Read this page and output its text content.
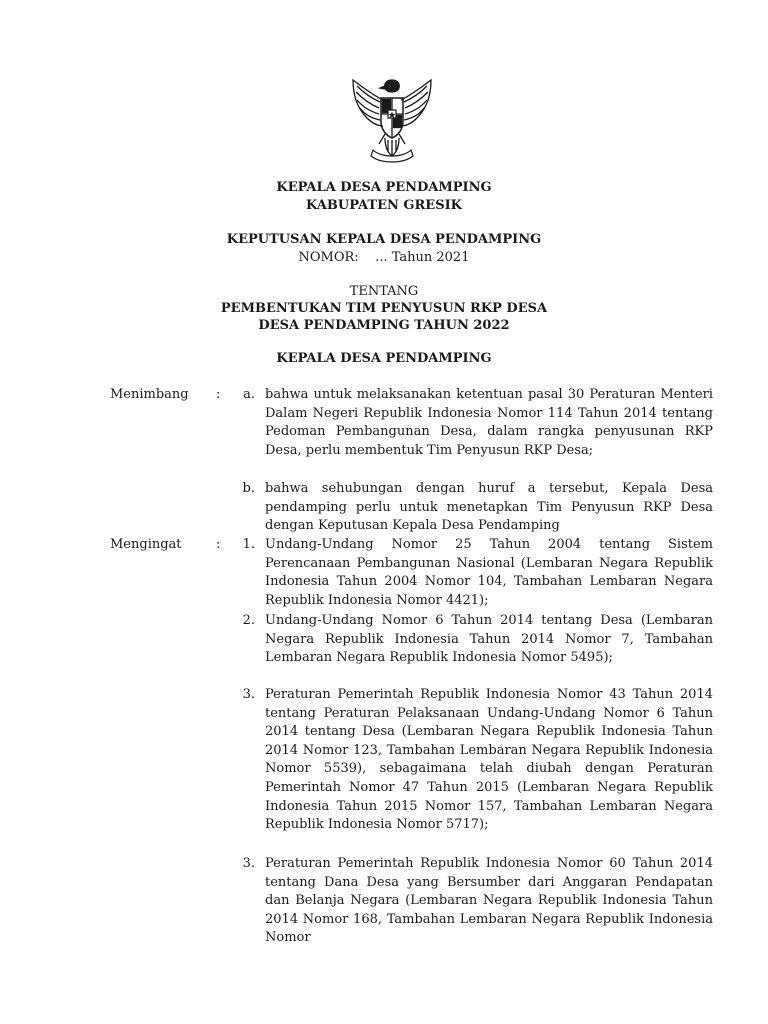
KEPALA DESA PENDAMPING
KABUPATEN GRESIK
KEPUTUSAN KEPALA DESA PENDAMPING
NOMOR: ... Tahun 2021
TENTANG
PEMBENTUKAN TIM PENYUSUN RKP DESA
DESA PENDAMPING TAHUN 2022
KEPALA DESA PENDAMPING
Menimbang :	a. bahwa untuk melaksanakan ketentuan pasal 30 Peraturan Menteri Dalam Negeri Republik Indonesia Nomor 114 Tahun 2014 tentang Pedoman Pembangunan Desa, dalam rangka penyusunan RKP Desa, perlu membentuk Tim Penyusun RKP Desa;
b. bahwa sehubungan dengan huruf a tersebut, Kepala Desa pendamping perlu untuk menetapkan Tim Penyusun RKP Desa dengan Keputusan Kepala Desa Pendamping
Mengingat	:	1. Undang-Undang Nomor 25 Tahun 2004 tentang Sistem Perencanaan Pembangunan Nasional (Lembaran Negara Republik Indonesia Tahun 2004 Nomor 104, Tambahan Lembaran Negara Republik Indonesia Nomor 4421);
2. Undang-Undang Nomor 6 Tahun 2014 tentang Desa (Lembaran Negara Republik Indonesia Tahun 2014 Nomor 7, Tambahan Lembaran Negara Republik Indonesia Nomor 5495);
3. Peraturan Pemerintah Republik Indonesia Nomor 43 Tahun 2014 tentang Peraturan Pelaksanaan Undang-Undang Nomor 6 Tahun 2014 tentang Desa (Lembaran Negara Republik Indonesia Tahun 2014 Nomor 123, Tambahan Lembaran Negara Republik Indonesia Nomor 5539), sebagaimana telah diubah dengan Peraturan Pemerintah Nomor 47 Tahun 2015 (Lembaran Negara Republik Indonesia Tahun 2015 Nomor 157, Tambahan Lembaran Negara Republik Indonesia Nomor 5717);
3. Peraturan Pemerintah Republik Indonesia Nomor 60 Tahun 2014 tentang Dana Desa yang Bersumber dari Anggaran Pendapatan dan Belanja Negara (Lembaran Negara Republik Indonesia Tahun 2014 Nomor 168, Tambahan Lembaran Negara Republik Indonesia Nomor
